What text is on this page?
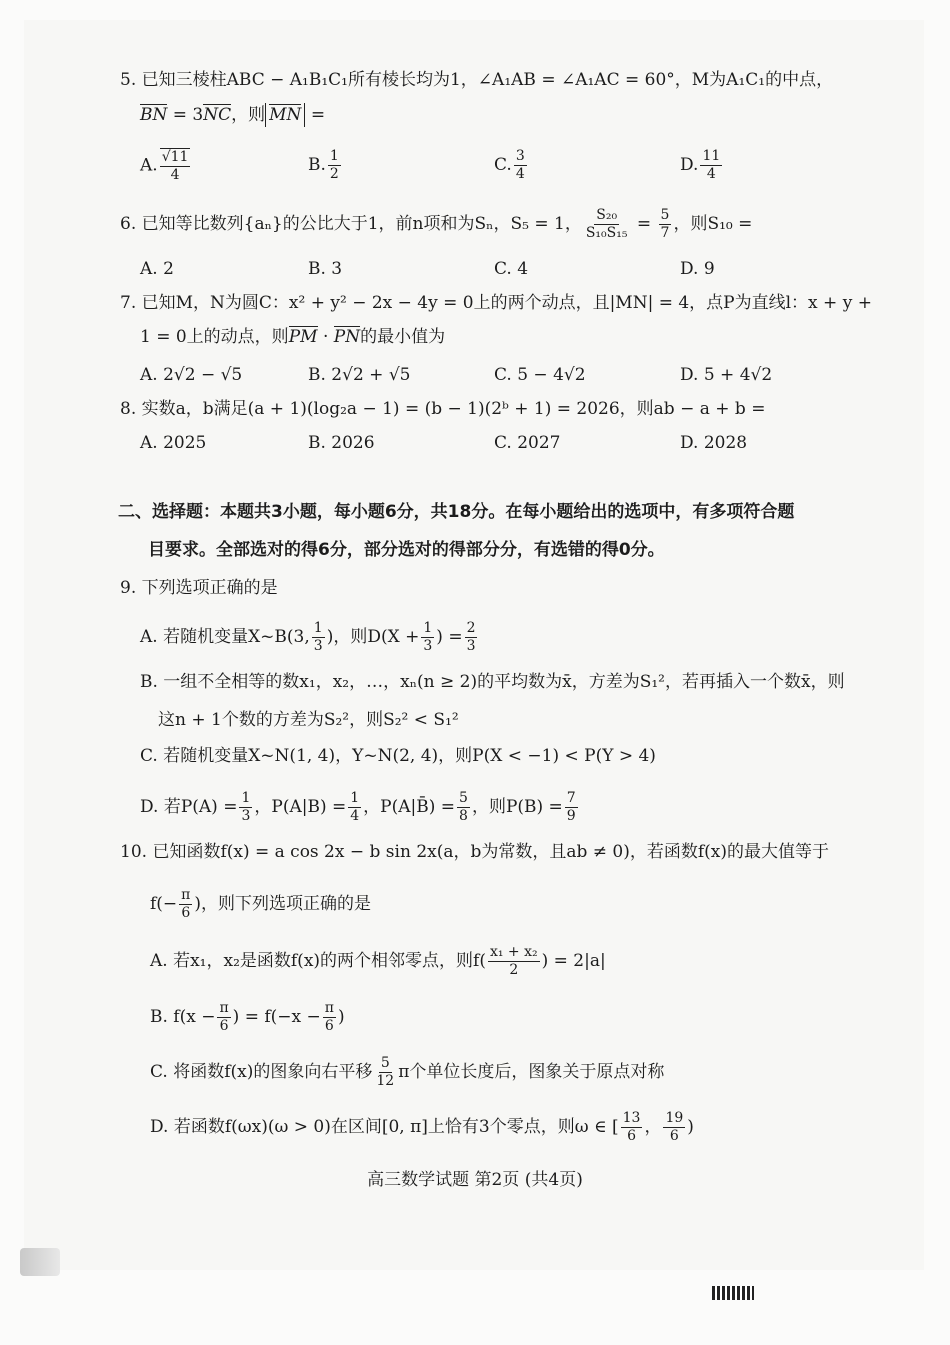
5. 已知三棱柱ABC − A₁B₁C₁所有棱长均为1，∠A₁AB = ∠A₁AC = 60°，M为A₁C₁的中点，
BN = 3NC，则 MN =
A. $\frac{√11}{4}$	B. $\frac{1}{2}$	C. $\frac{3}{4}$	D. $\frac{11}{4}$
6. 已知等比数列{aₙ}的公比大于1，前n项和为Sₙ，S₅ = 1， $\frac{\text{S₂₀}}{\text{S₁₀S₁₅}} = \frac{5}{7}$ ，则S₁₀ =
A. 2	B. 3	C. 4	D. 9
7. 已知M，N为圆C：x² + y² − 2x − 4y = 0上的两个动点，且|MN| = 4，点P为直线l：x + y +
1 = 0上的动点，则PM · PN的最小值为
A. 2√2 − √5	B. 2√2 + √5	C. 5 − 4√2	D. 5 + 4√2
8. 实数a，b满足(a + 1)(log₂a − 1) = (b − 1)(2ᵇ + 1) = 2026，则ab − a + b =
A. 2025	B. 2026	C. 2027	D. 2028
二、选择题：本题共3小题，每小题6分，共18分。在每小题给出的选项中，有多项符合题
目要求。全部选对的得6分，部分选对的得部分分，有选错的得0分。
9. 下列选项正确的是
A. 若随机变量X~B(3, $\frac{1}{3}$ )，则$D(X + \frac{1}{3}$ ) = $\frac{2}{3}$
B. 一组不全相等的数x₁，x₂，…，xₙ(n ≥ 2)的平均数为x̄，方差为S₁²，若再插入一个数x̄，则
这n + 1个数的方差为S₂²，则S₂² < S₁²
C. 若随机变量X~N(1, 4)，Y~N(2, 4)，则P(X < −1) < P(Y > 4)
D. 若$P(A) = \frac{1}{3}$ ，$P(A|B) = \frac{1}{4}$ ，P(A|B̄) = $\frac{5}{8}$ ，则$P(B) = \frac{7}{9}$
10. 已知函数f(x) = a cos 2x − b sin 2x(a，b为常数，且ab ≠ 0)，若函数f(x)的最大值等于
$f(- \frac{\pi}{6}$ )，则下列选项正确的是
A. 若x₁，x₂是函数f(x)的两个相邻零点，则$f( \frac{\text{x₁ + x₂}}{2}$ ) = 2|a|
B. $f(x - \frac{\pi}{6}$ ) = $f(-x - \frac{\pi}{6}$ )
C. 将函数f(x)的图象向右平移 $\frac{5}{12}$ π个单位长度后，图象关于原点对称
D. 若函数f(ωx)(ω > 0)在区间[0, π]上恰有3个零点，则ω ∈ [ $\frac{13}{6}$ ， $\frac{19}{6}$ )
高三数学试题 第2页 (共4页)
